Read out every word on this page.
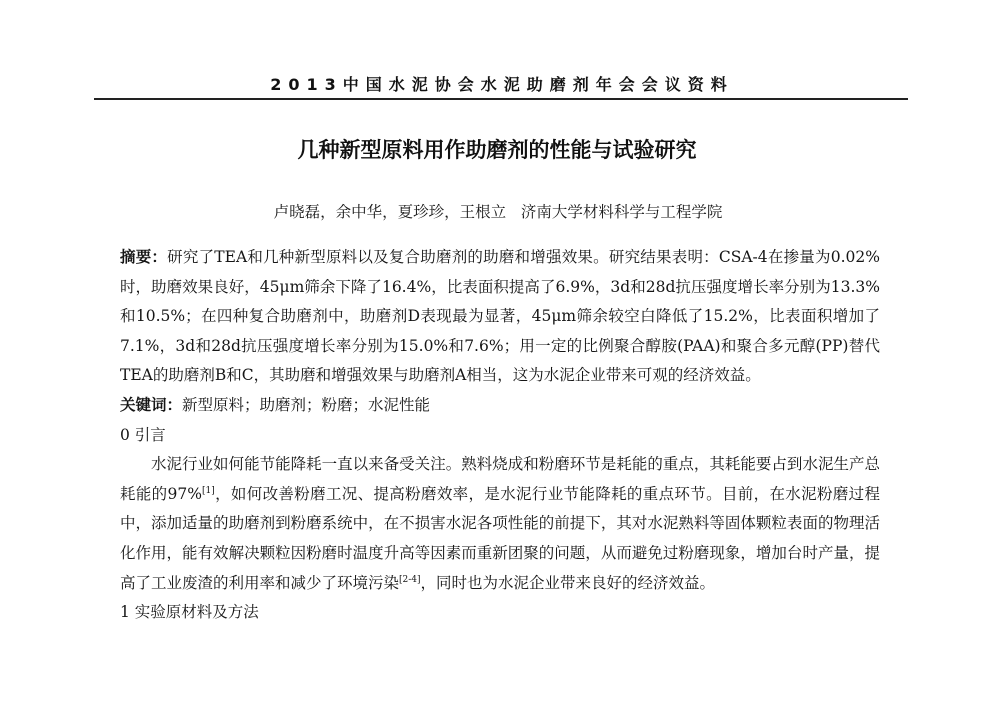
2013中国水泥协会水泥助磨剂年会会议资料
几种新型原料用作助磨剂的性能与试验研究
卢晓磊，余中华，夏珍珍，王根立 济南大学材料科学与工程学院

摘要：研究了TEA和几种新型原料以及复合助磨剂的助磨和增强效果。研究结果表明：CSA-4在掺量为0.02%时，助磨效果良好，45μm筛余下降了16.4%，比表面积提高了6.9%，3d和28d抗压强度增长率分别为13.3%和10.5%；在四种复合助磨剂中，助磨剂D表现最为显著，45μm筛余较空白降低了15.2%，比表面积增加了7.1%，3d和28d抗压强度增长率分别为15.0%和7.6%；用一定的比例聚合醇胺(PAA)和聚合多元醇(PP)替代TEA的助磨剂B和C，其助磨和增强效果与助磨剂A相当，这为水泥企业带来可观的经济效益。

关键词：新型原料；助磨剂；粉磨；水泥性能

0 引言

水泥行业如何能节能降耗一直以来备受关注。熟料烧成和粉磨环节是耗能的重点，其耗能要占到水泥生产总耗能的97%[1]，如何改善粉磨工况、提高粉磨效率，是水泥行业节能降耗的重点环节。目前，在水泥粉磨过程中，添加适量的助磨剂到粉磨系统中，在不损害水泥各项性能的前提下，其对水泥熟料等固体颗粒表面的物理活化作用，能有效解决颗粒因粉磨时温度升高等因素而重新团聚的问题，从而避免过粉磨现象，增加台时产量，提高了工业废渣的利用率和减少了环境污染[2-4]，同时也为水泥企业带来良好的经济效益。

1 实验原材料及方法
